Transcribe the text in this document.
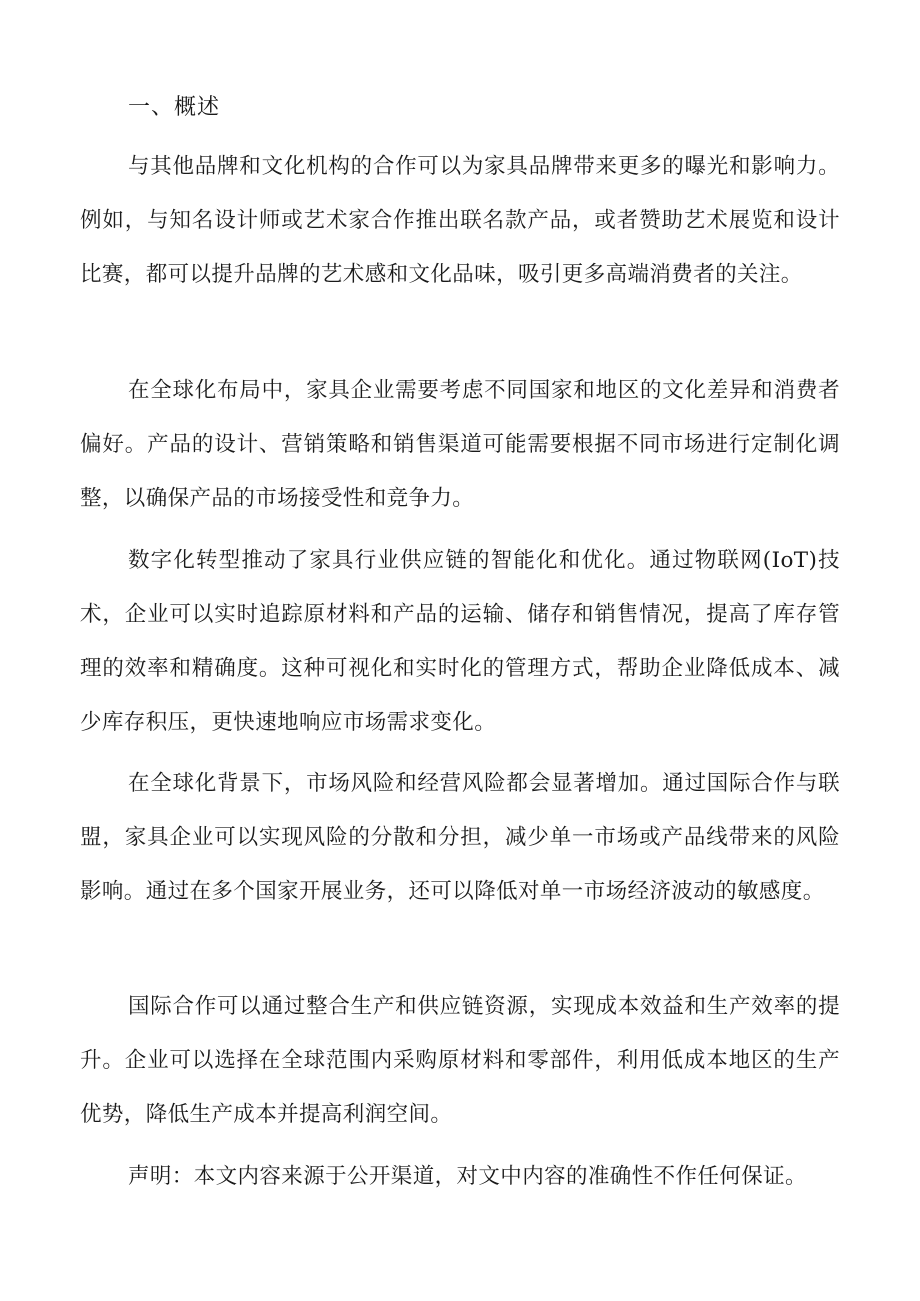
一、概述

与其他品牌和文化机构的合作可以为家具品牌带来更多的曝光和影响力。例如，与知名设计师或艺术家合作推出联名款产品，或者赞助艺术展览和设计比赛，都可以提升品牌的艺术感和文化品味，吸引更多高端消费者的关注。

在全球化布局中，家具企业需要考虑不同国家和地区的文化差异和消费者偏好。产品的设计、营销策略和销售渠道可能需要根据不同市场进行定制化调整，以确保产品的市场接受性和竞争力。

数字化转型推动了家具行业供应链的智能化和优化。通过物联网(IoT)技术，企业可以实时追踪原材料和产品的运输、储存和销售情况，提高了库存管理的效率和精确度。这种可视化和实时化的管理方式，帮助企业降低成本、减少库存积压，更快速地响应市场需求变化。

在全球化背景下，市场风险和经营风险都会显著增加。通过国际合作与联盟，家具企业可以实现风险的分散和分担，减少单一市场或产品线带来的风险影响。通过在多个国家开展业务，还可以降低对单一市场经济波动的敏感度。

国际合作可以通过整合生产和供应链资源，实现成本效益和生产效率的提升。企业可以选择在全球范围内采购原材料和零部件，利用低成本地区的生产优势，降低生产成本并提高利润空间。

声明：本文内容来源于公开渠道，对文中内容的准确性不作任何保证。
